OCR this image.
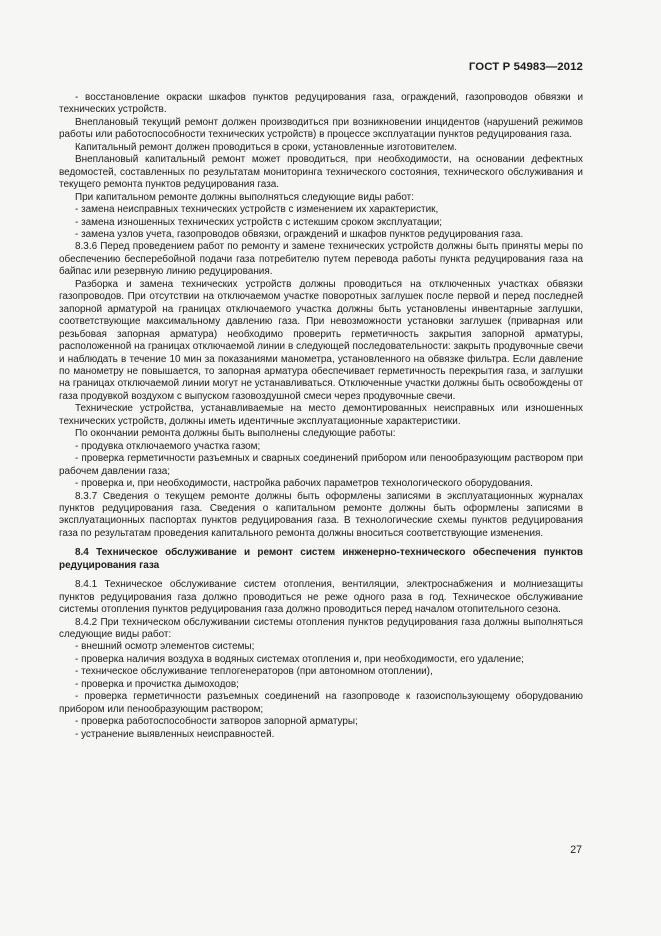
ГОСТ Р 54983—2012

- восстановление окраски шкафов пунктов редуцирования газа, ограждений, газопроводов обвязки и технических устройств.

Внеплановый текущий ремонт должен производиться при возникновении инцидентов (нарушений режимов работы или работоспособности технических устройств) в процессе эксплуатации пунктов редуцирования газа.

Капитальный ремонт должен проводиться в сроки, установленные изготовителем.

Внеплановый капитальный ремонт может проводиться, при необходимости, на основании дефектных ведомостей, составленных по результатам мониторинга технического состояния, технического обслуживания и текущего ремонта пунктов редуцирования газа.

При капитальном ремонте должны выполняться следующие виды работ:

- замена неисправных технических устройств с изменением их характеристик,

- замена изношенных технических устройств с истекшим сроком эксплуатации;

- замена узлов учета, газопроводов обвязки, ограждений и шкафов пунктов редуцирования газа.

8.3.6 Перед проведением работ по ремонту и замене технических устройств должны быть приняты меры по обеспечению бесперебойной подачи газа потребителю путем перевода работы пункта редуцирования газа на байпас или резервную линию редуцирования.

Разборка и замена технических устройств должны проводиться на отключенных участках обвязки газопроводов. При отсутствии на отключаемом участке поворотных заглушек после первой и перед последней запорной арматурой на границах отключаемого участка должны быть установлены инвентарные заглушки, соответствующие максимальному давлению газа. При невозможности установки заглушек (приварная или резьбовая запорная арматура) необходимо проверить герметичность закрытия запорной арматуры, расположенной на границах отключаемой линии в следующей последовательности: закрыть продувочные свечи и наблюдать в течение 10 мин за показаниями манометра, установленного на обвязке фильтра. Если давление по манометру не повышается, то запорная арматура обеспечивает герметичность перекрытия газа, и заглушки на границах отключаемой линии могут не устанавливаться. Отключенные участки должны быть освобождены от газа продувкой воздухом с выпуском газовоздушной смеси через продувочные свечи.

Технические устройства, устанавливаемые на место демонтированных неисправных или изношенных технических устройств, должны иметь идентичные эксплуатационные характеристики.

По окончании ремонта должны быть выполнены следующие работы:

- продувка отключаемого участка газом;

- проверка герметичности разъемных и сварных соединений прибором или пенообразующим раствором при рабочем давлении газа;

- проверка и, при необходимости, настройка рабочих параметров технологического оборудования.

8.3.7 Сведения о текущем ремонте должны быть оформлены записями в эксплуатационных журналах пунктов редуцирования газа. Сведения о капитальном ремонте должны быть оформлены записями в эксплуатационных паспортах пунктов редуцирования газа. В технологические схемы пунктов редуцирования газа по результатам проведения капитального ремонта должны вноситься соответствующие изменения.

8.4 Техническое обслуживание и ремонт систем инженерно-технического обеспечения пунктов редуцирования газа

8.4.1 Техническое обслуживание систем отопления, вентиляции, электроснабжения и молниезащиты пунктов редуцирования газа должно проводиться не реже одного раза в год. Техническое обслуживание системы отопления пунктов редуцирования газа должно проводиться перед началом отопительного сезона.

8.4.2 При техническом обслуживании системы отопления пунктов редуцирования газа должны выполняться следующие виды работ:

- внешний осмотр элементов системы;

- проверка наличия воздуха в водяных системах отопления и, при необходимости, его удаление;

- техническое обслуживание теплогенераторов (при автономном отоплении),

- проверка и прочистка дымоходов;

- проверка герметичности разъемных соединений на газопроводе к газоиспользующему оборудованию прибором или пенообразующим раствором;

- проверка работоспособности затворов запорной арматуры;

- устранение выявленных неисправностей.

27
